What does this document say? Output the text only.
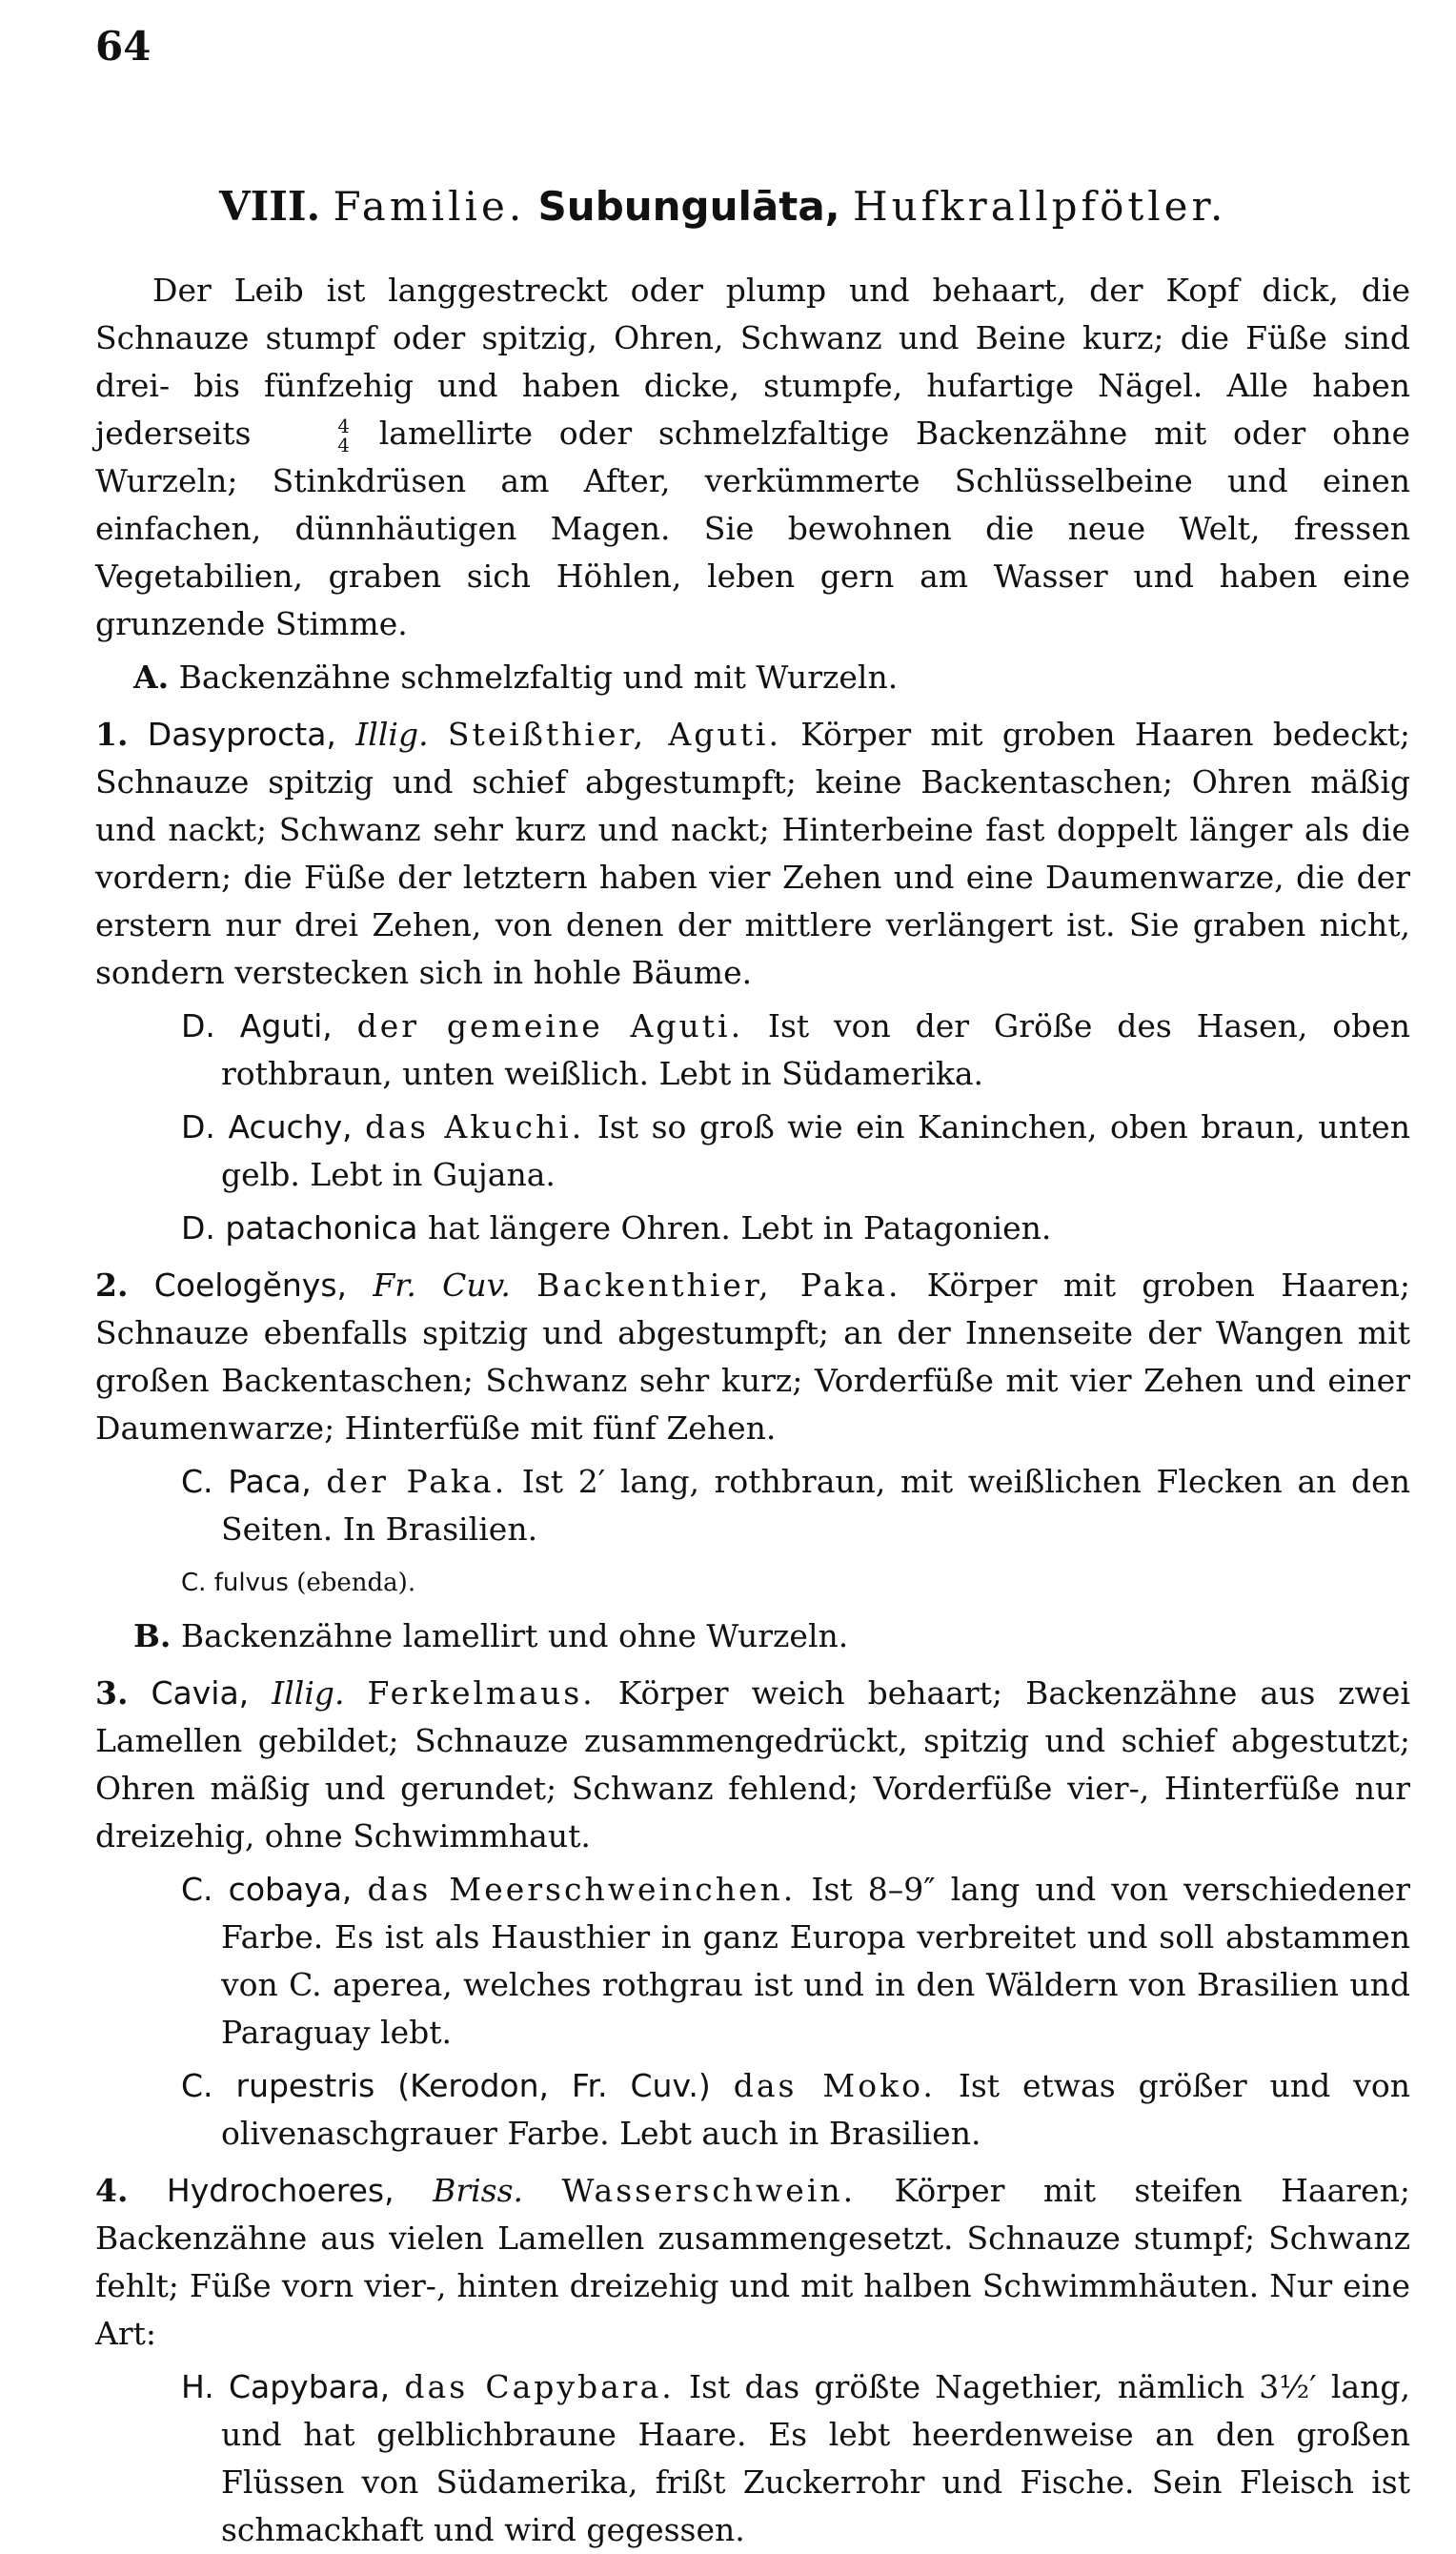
64
VIII. Familie. Subungulāta, Hufkrallpfötler.

Der Leib ist langgestreckt oder plump und behaart, der Kopf dick, die Schnauze stumpf oder spitzig, Ohren, Schwanz und Beine kurz; die Füße sind drei- bis fünfzehig und haben dicke, stumpfe, hufartige Nägel. Alle haben jederseits	4
4 lamellirte oder schmelzfaltige Backenzähne mit oder ohne Wurzeln; Stinkdrüsen am After, verkümmerte Schlüsselbeine und einen einfachen, dünnhäutigen Magen. Sie bewohnen die neue Welt, fressen Vegetabilien, graben sich Höhlen, leben gern am Wasser und haben eine grunzende Stimme.

A. Backenzähne schmelzfaltig und mit Wurzeln.

1. Dasyprocta, Illig. Steißthier, Aguti. Körper mit groben Haaren bedeckt; Schnauze spitzig und schief abgestumpft; keine Backentaschen; Ohren mäßig und nackt; Schwanz sehr kurz und nackt; Hinterbeine fast doppelt länger als die vordern; die Füße der letztern haben vier Zehen und eine Daumenwarze, die der erstern nur drei Zehen, von denen der mittlere verlängert ist. Sie graben nicht, sondern verstecken sich in hohle Bäume.

D. Aguti, der gemeine Aguti. Ist von der Größe des Hasen, oben rothbraun, unten weißlich. Lebt in Südamerika.

D. Acuchy, das Akuchi. Ist so groß wie ein Kaninchen, oben braun, unten gelb. Lebt in Gujana.

D. patachonica hat längere Ohren. Lebt in Patagonien.

2. Coelogĕnys, Fr. Cuv. Backenthier, Paka. Körper mit groben Haaren; Schnauze ebenfalls spitzig und abgestumpft; an der Innenseite der Wangen mit großen Backentaschen; Schwanz sehr kurz; Vorderfüße mit vier Zehen und einer Daumenwarze; Hinterfüße mit fünf Zehen.

C. Paca, der Paka. Ist 2′ lang, rothbraun, mit weißlichen Flecken an den Seiten. In Brasilien.

C. fulvus (ebenda).

B. Backenzähne lamellirt und ohne Wurzeln.

3. Cavia, Illig. Ferkelmaus. Körper weich behaart; Backenzähne aus zwei Lamellen gebildet; Schnauze zusammengedrückt, spitzig und schief abgestutzt; Ohren mäßig und gerundet; Schwanz fehlend; Vorderfüße vier-, Hinterfüße nur dreizehig, ohne Schwimmhaut.

C. cobaya, das Meerschweinchen. Ist 8–9″ lang und von verschiedener Farbe. Es ist als Hausthier in ganz Europa verbreitet und soll abstammen von C. aperea, welches rothgrau ist und in den Wäldern von Brasilien und Paraguay lebt.

C. rupestris (Kerodon, Fr. Cuv.) das Moko. Ist etwas größer und von olivenaschgrauer Farbe. Lebt auch in Brasilien.

4. Hydrochoeres, Briss. Wasserschwein. Körper mit steifen Haaren; Backenzähne aus vielen Lamellen zusammengesetzt. Schnauze stumpf; Schwanz fehlt; Füße vorn vier-, hinten dreizehig und mit halben Schwimmhäuten. Nur eine Art:

H. Capybara, das Capybara. Ist das größte Nagethier, nämlich 3½′ lang, und hat gelblichbraune Haare. Es lebt heerdenweise an den großen Flüssen von Südamerika, frißt Zuckerrohr und Fische. Sein Fleisch ist schmackhaft und wird gegessen.
